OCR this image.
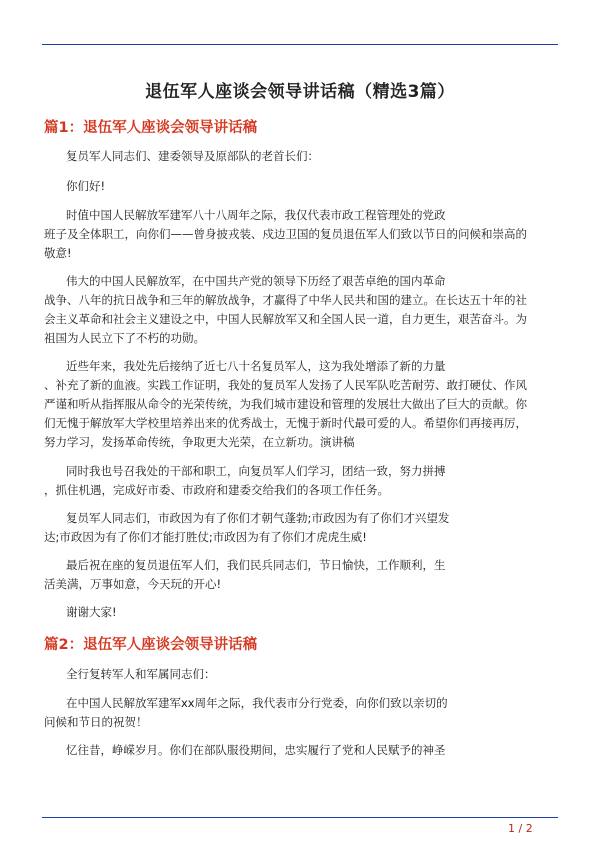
退伍军人座谈会领导讲话稿（精选3篇）
篇1：退伍军人座谈会领导讲话稿
复员军人同志们、建委领导及原部队的老首长们：
你们好!
时值中国人民解放军建军八十八周年之际，我仅代表市政工程管理处的党政
班子及全体职工，向你们——曾身披戎装、戍边卫国的复员退伍军人们致以节日的问候和崇高的
敬意!
伟大的中国人民解放军，在中国共产党的领导下历经了艰苦卓绝的国内革命
战争、八年的抗日战争和三年的解放战争，才赢得了中华人民共和国的建立。在长达五十年的社
会主义革命和社会主义建设之中，中国人民解放军又和全国人民一道，自力更生，艰苦奋斗。为
祖国为人民立下了不朽的功勋。
近些年来，我处先后接纳了近七八十名复员军人，这为我处增添了新的力量
、补充了新的血液。实践工作证明，我处的复员军人发扬了人民军队吃苦耐劳、敢打硬仗、作风
严谨和听从指挥服从命令的光荣传统，为我们城市建设和管理的发展壮大做出了巨大的贡献。你
们无愧于解放军大学校里培养出来的优秀战士，无愧于新时代最可爱的人。希望你们再接再厉，
努力学习，发扬革命传统，争取更大光荣，在立新功。演讲稿
同时我也号召我处的干部和职工，向复员军人们学习，团结一致，努力拼搏
，抓住机遇，完成好市委、市政府和建委交给我们的各项工作任务。
复员军人同志们，市政因为有了你们才朝气蓬勃;市政因为有了你们才兴望发
达;市政因为有了你们才能打胜仗;市政因为有了你们才虎虎生威!
最后祝在座的复员退伍军人们，我们民兵同志们，节日愉快，工作顺利，生
活美满，万事如意，今天玩的开心!
谢谢大家!
篇2：退伍军人座谈会领导讲话稿
全行复转军人和军属同志们：
在中国人民解放军建军xx周年之际，我代表市分行党委，向你们致以亲切的
问候和节日的祝贺！
忆往昔，峥嵘岁月。你们在部队服役期间，忠实履行了党和人民赋予的神圣
1 / 2
